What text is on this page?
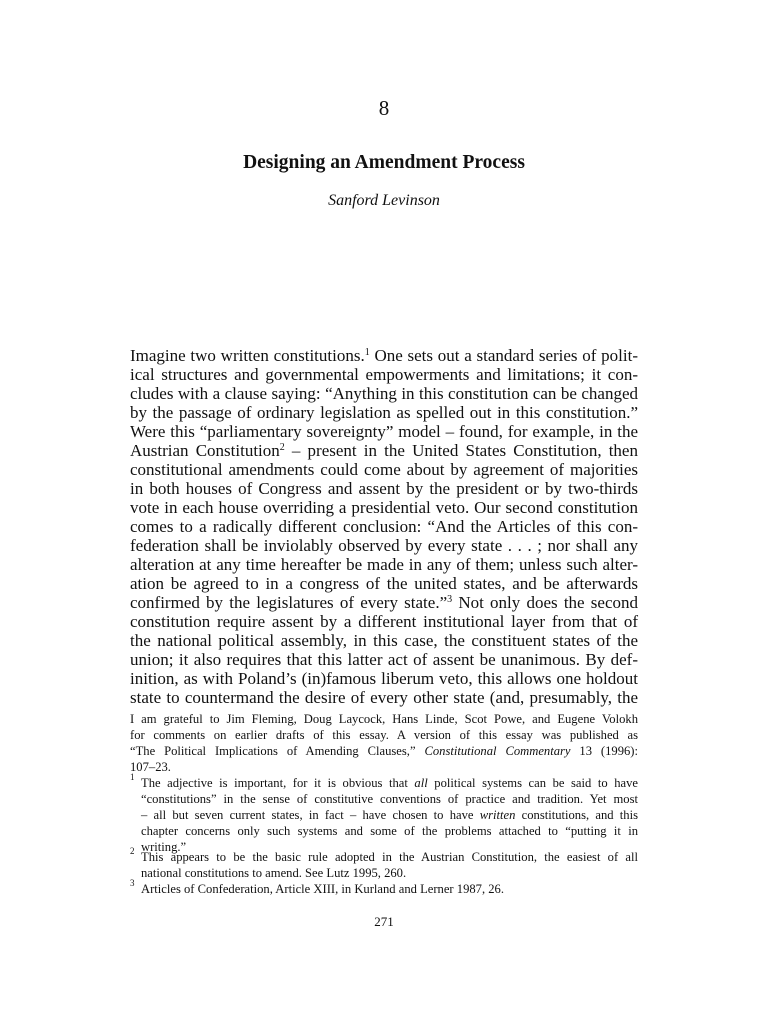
8
Designing an Amendment Process
Sanford Levinson
Imagine two written constitutions.$^1$ One sets out a standard series of polit-
ical structures and governmental empowerments and limitations; it con-
cludes with a clause saying: “Anything in this constitution can be changed
by the passage of ordinary legislation as spelled out in this constitution.”
Were this “parliamentary sovereignty” model – found, for example, in the
Austrian Constitution$^2$ – present in the United States Constitution, then
constitutional amendments could come about by agreement of majorities
in both houses of Congress and assent by the president or by two-thirds
vote in each house overriding a presidential veto. Our second constitution
comes to a radically different conclusion: “And the Articles of this con-
federation shall be inviolably observed by every state . . . ; nor shall any
alteration at any time hereafter be made in any of them; unless such alter-
ation be agreed to in a congress of the united states, and be afterwards
confirmed by the legislatures of every state.”$^3$ Not only does the second
constitution require assent by a different institutional layer from that of
the national political assembly, in this case, the constituent states of the
union; it also requires that this latter act of assent be unanimous. By def-
inition, as with Poland’s (in)famous liberum veto, this allows one holdout
state to countermand the desire of every other state (and, presumably, the
I am grateful to Jim Fleming, Doug Laycock, Hans Linde, Scot Powe, and Eugene Volokh
for comments on earlier drafts of this essay. A version of this essay was published as
“The Political Implications of Amending Clauses,” Constitutional Commentary 13 (1996):
107–23.
1 The adjective is important, for it is obvious that all political systems can be said to have
“constitutions” in the sense of constitutive conventions of practice and tradition. Yet most
– all but seven current states, in fact – have chosen to have written constitutions, and this
chapter concerns only such systems and some of the problems attached to “putting it in
writing.”
2 This appears to be the basic rule adopted in the Austrian Constitution, the easiest of all
national constitutions to amend. See Lutz 1995, 260.
3 Articles of Confederation, Article XIII, in Kurland and Lerner 1987, 26.
271
